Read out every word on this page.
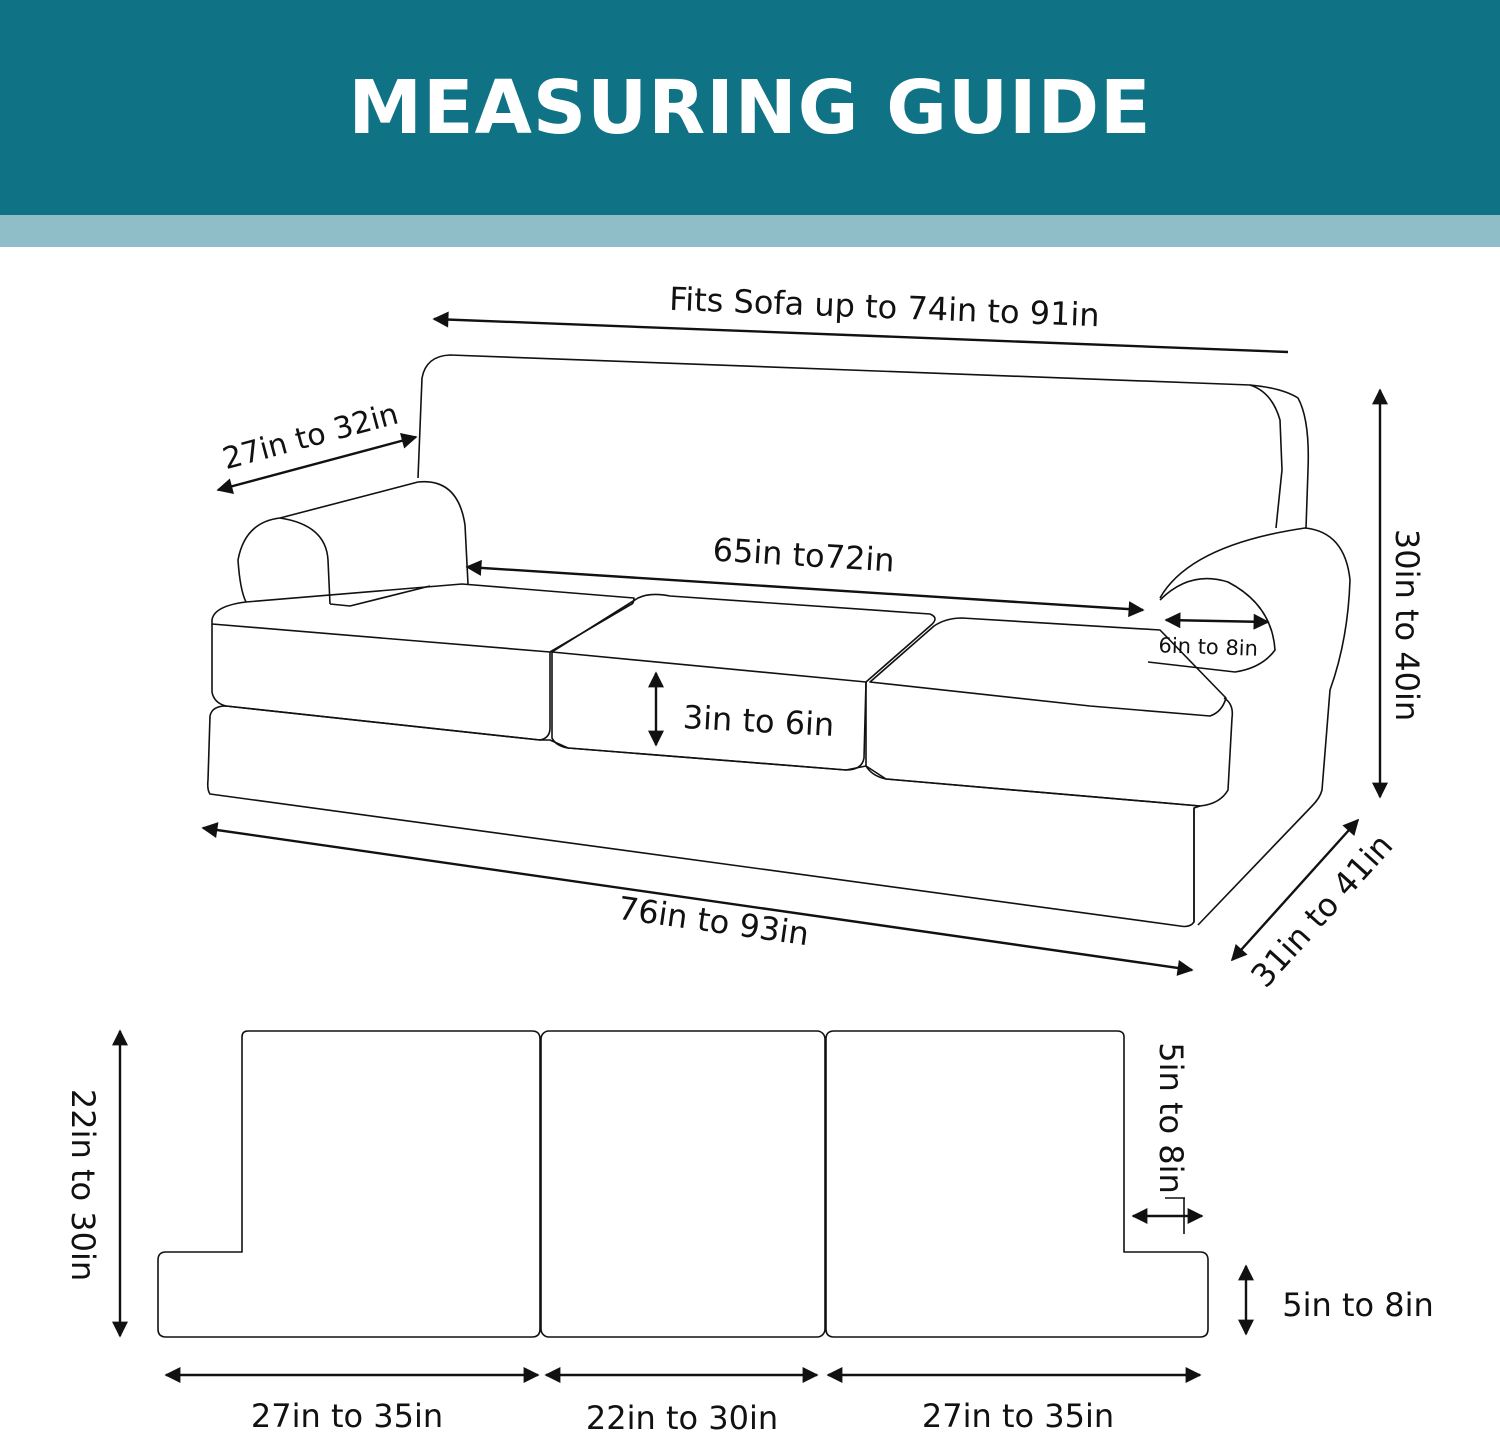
MEASURING GUIDE
Fits Sofa up to 74in to 91in
27in to 32in
65in to72in
6in to 8in
3in to 6in	30in to 40in
76in to 93in	31in to 41in
22in to 30in	5in to 8in
5in to 8in
27in to 35in	22in to 30in	27in to 35in
